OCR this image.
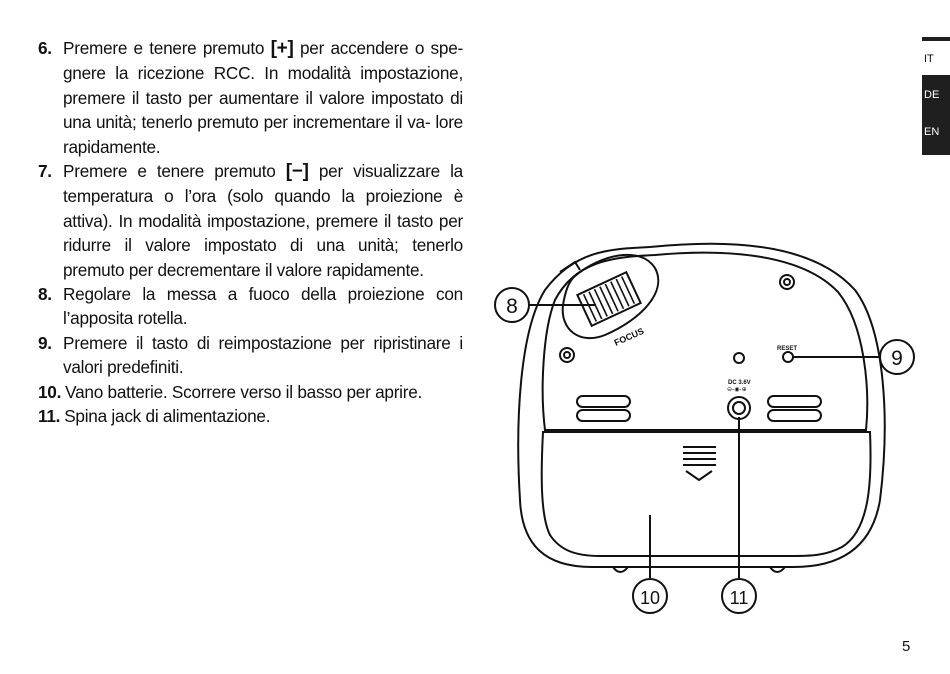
6. Premere e tenere premuto [+] per accendere o spe- gnere la ricezione RCC. In modalità impostazione, premere il tasto per aumentare il valore impostato di una unità; tenerlo premuto per incrementare il va- lore rapidamente.
7. Premere e tenere premuto [−] per visualizzare la temperatura o l’ora (solo quando la proiezione è attiva). In modalità impostazione, premere il tasto per ridurre il valore impostato di una unità; tenerlo premuto per decrementare il valore rapidamente.
8. Regolare la messa a fuoco della proiezione con l’apposita rotella.
9. Premere il tasto di reimpostazione per ripristinare i valori predefiniti.
10. Vano batterie. Scorrere verso il basso per aprire.
11. Spina jack di alimentazione.
IT
DE
EN
FOCUS
RESET
DC 3.6V
⊖-◉-⊕
8
9
10	11
5
